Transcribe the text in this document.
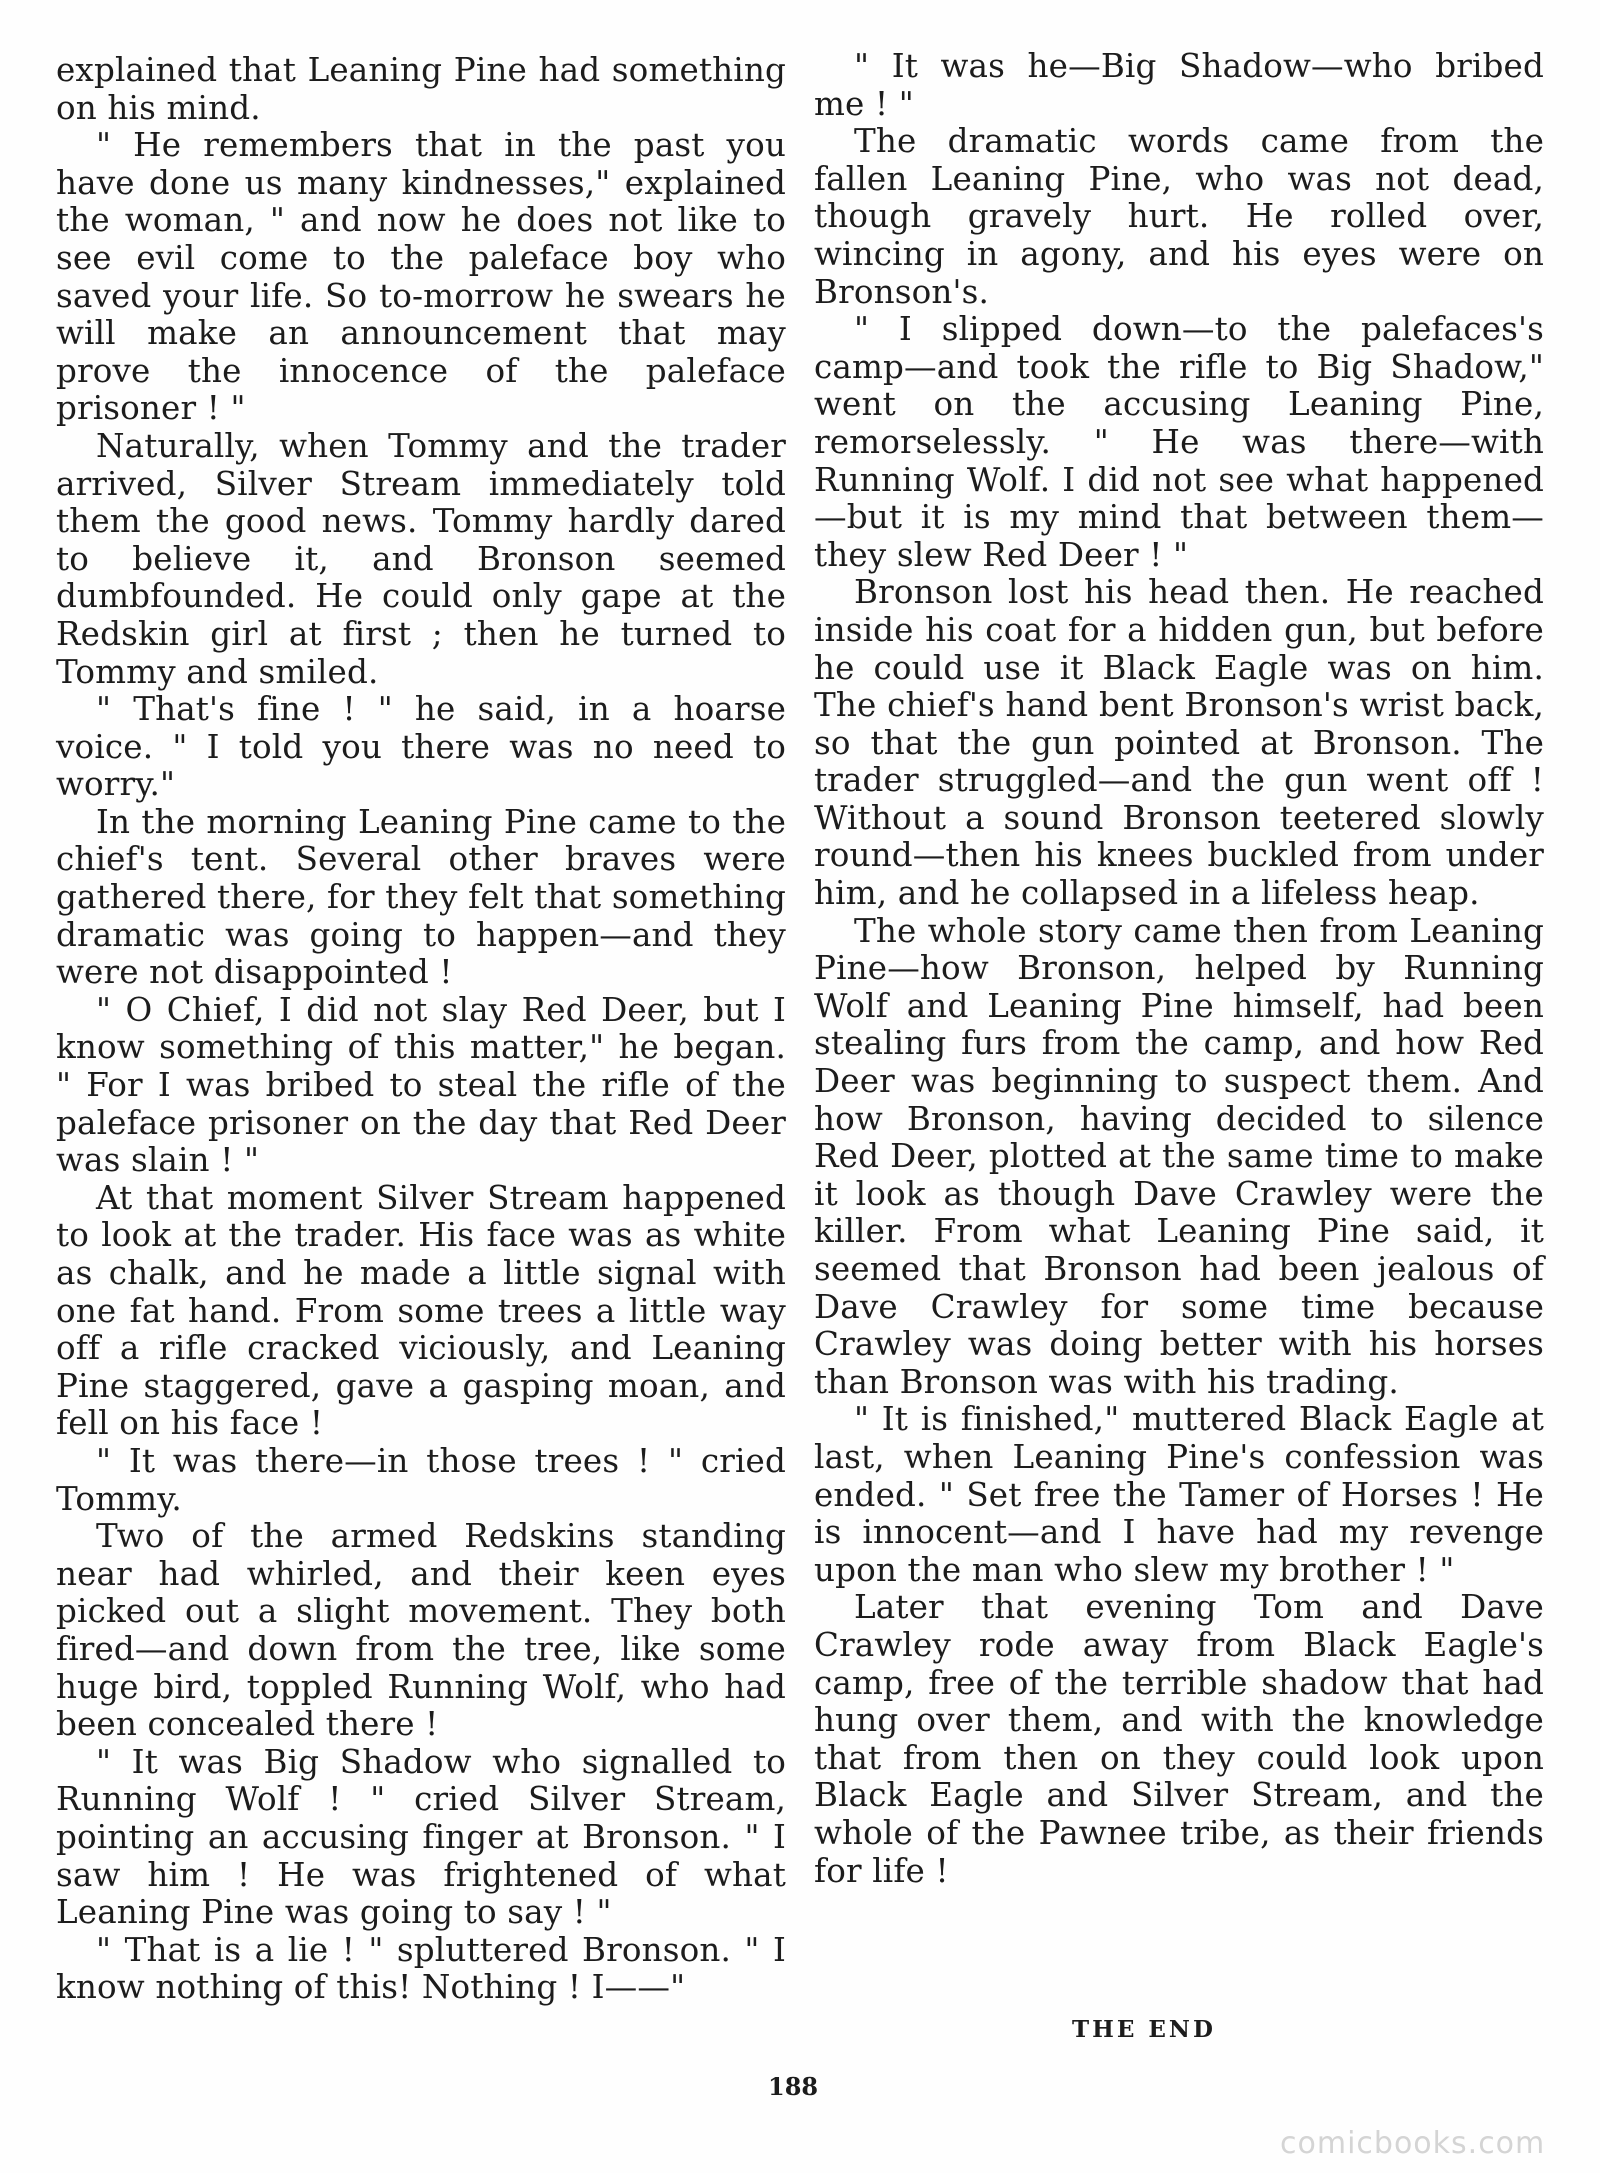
explained that Leaning Pine had something on his mind.

" He remembers that in the past you have done us many kindnesses," explained the woman, " and now he does not like to see evil come to the paleface boy who saved your life. So to-morrow he swears he will make an announcement that may prove the innocence of the paleface prisoner ! "

Naturally, when Tommy and the trader arrived, Silver Stream immediately told them the good news. Tommy hardly dared to believe it, and Bronson seemed dumbfounded. He could only gape at the Redskin girl at first ; then he turned to Tommy and smiled.

" That's fine ! " he said, in a hoarse voice. " I told you there was no need to worry."

In the morning Leaning Pine came to the chief's tent. Several other braves were gathered there, for they felt that something dramatic was going to happen—and they were not disappointed !

" O Chief, I did not slay Red Deer, but I know something of this matter," he began. " For I was bribed to steal the rifle of the paleface prisoner on the day that Red Deer was slain ! "

At that moment Silver Stream happened to look at the trader. His face was as white as chalk, and he made a little signal with one fat hand. From some trees a little way off a rifle cracked viciously, and Leaning Pine staggered, gave a gasping moan, and fell on his face !

" It was there—in those trees ! " cried Tommy.

Two of the armed Redskins standing near had whirled, and their keen eyes picked out a slight movement. They both fired—and down from the tree, like some huge bird, toppled Running Wolf, who had been concealed there !

" It was Big Shadow who signalled to Running Wolf ! " cried Silver Stream, pointing an accusing finger at Bronson. " I saw him ! He was frightened of what Leaning Pine was going to say ! "

" That is a lie ! " spluttered Bronson. " I know nothing of this! Nothing ! I——"

" It was he—Big Shadow—who bribed me ! "

The dramatic words came from the fallen Leaning Pine, who was not dead, though gravely hurt. He rolled over, wincing in agony, and his eyes were on Bronson's.

" I slipped down—to the palefaces's camp—and took the rifle to Big Shadow," went on the accusing Leaning Pine, remorselessly. " He was there—with Running Wolf. I did not see what happened—but it is my mind that between them—they slew Red Deer ! "

Bronson lost his head then. He reached inside his coat for a hidden gun, but before he could use it Black Eagle was on him. The chief's hand bent Bronson's wrist back, so that the gun pointed at Bronson. The trader struggled—and the gun went off ! Without a sound Bronson teetered slowly round—then his knees buckled from under him, and he collapsed in a lifeless heap.

The whole story came then from Leaning Pine—how Bronson, helped by Running Wolf and Leaning Pine himself, had been stealing furs from the camp, and how Red Deer was beginning to suspect them. And how Bronson, having decided to silence Red Deer, plotted at the same time to make it look as though Dave Crawley were the killer. From what Leaning Pine said, it seemed that Bronson had been jealous of Dave Crawley for some time because Crawley was doing better with his horses than Bronson was with his trading.

" It is finished," muttered Black Eagle at last, when Leaning Pine's confession was ended. " Set free the Tamer of Horses ! He is innocent—and I have had my revenge upon the man who slew my brother ! "

Later that evening Tom and Dave Crawley rode away from Black Eagle's camp, free of the terrible shadow that had hung over them, and with the knowledge that from then on they could look upon Black Eagle and Silver Stream, and the whole of the Pawnee tribe, as their friends for life !

THE END
188
comicbooks.com
